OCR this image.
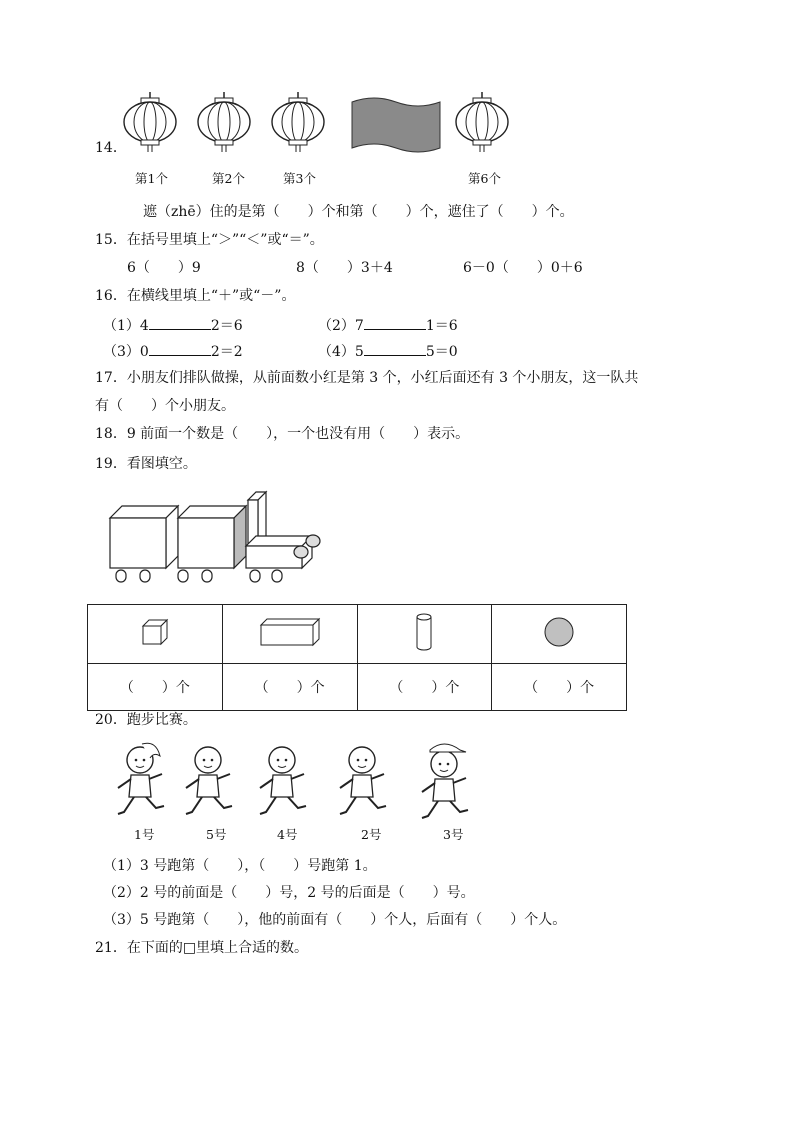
14．
第1个	第2个	第3个	第6个
遮（zhē）住的是第（　　）个和第（　　）个，遮住了（　　）个。
15．在括号里填上“＞”“＜”或“＝”。
6（　　）9	8（　　）3＋4	6－0（　　）0＋6
16．在横线里填上“＋”或“－”。
（1）4	2＝6	（2）7	1＝6
（3）0	2＝2	（4）5	5＝0
17．小朋友们排队做操，从前面数小红是第 3 个，小红后面还有 3 个小朋友，这一队共
有（　　）个小朋友。
18．9 前面一个数是（　　），一个也没有用（　　）表示。
19．看图填空。

（　　）个	（　　）个	（　　）个	（　　）个
20．跑步比赛。
1号	5号	4号	2号	3号
（1）3 号跑第（　　），（　　）号跑第 1。
（2）2 号的前面是（　　）号，2 号的后面是（　　）号。
（3）5 号跑第（　　），他的前面有（　　）个人，后面有（　　）个人。
21．在下面的□里填上合适的数。
